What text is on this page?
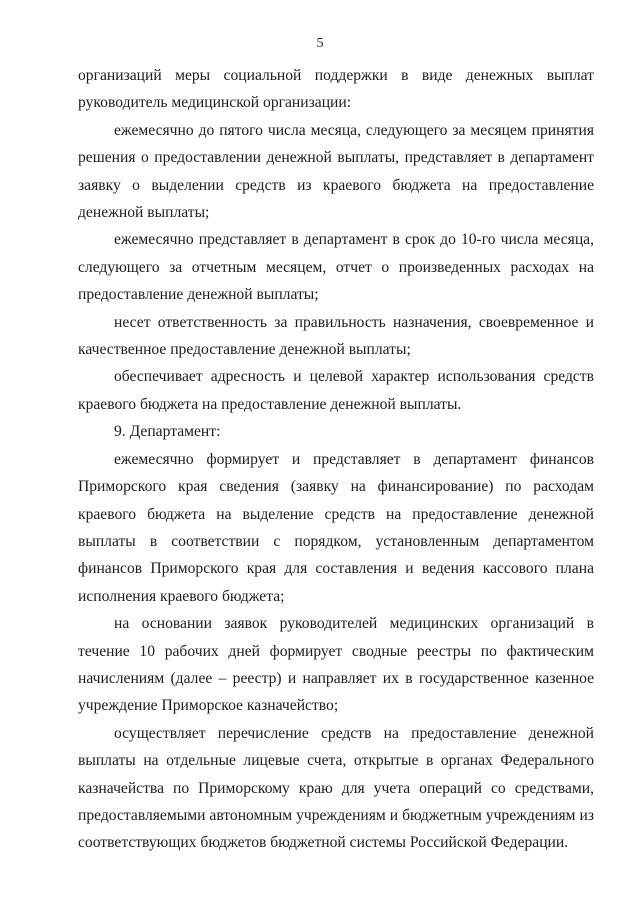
5

организаций меры социальной поддержки в виде денежных выплат руководитель медицинской организации:

ежемесячно до пятого числа месяца, следующего за месяцем принятия решения о предоставлении денежной выплаты, представляет в департамент заявку о выделении средств из краевого бюджета на предоставление денежной выплаты;

ежемесячно представляет в департамент в срок до 10-го числа месяца, следующего за отчетным месяцем, отчет о произведенных расходах на предоставление денежной выплаты;

несет ответственность за правильность назначения, своевременное и качественное предоставление денежной выплаты;

обеспечивает адресность и целевой характер использования средств краевого бюджета на предоставление денежной выплаты.

9. Департамент:

ежемесячно формирует и представляет в департамент финансов Приморского края сведения (заявку на финансирование) по расходам краевого бюджета на выделение средств на предоставление денежной выплаты в соответствии с порядком, установленным департаментом финансов Приморского края для составления и ведения кассового плана исполнения краевого бюджета;

на основании заявок руководителей медицинских организаций в течение 10 рабочих дней формирует сводные реестры по фактическим начислениям (далее – реестр) и направляет их в государственное казенное учреждение Приморское казначейство;

осуществляет перечисление средств на предоставление денежной выплаты на отдельные лицевые счета, открытые в органах Федерального казначейства по Приморскому краю для учета операций со средствами, предоставляемыми автономным учреждениям и бюджетным учреждениям из соответствующих бюджетов бюджетной системы Российской Федерации.
